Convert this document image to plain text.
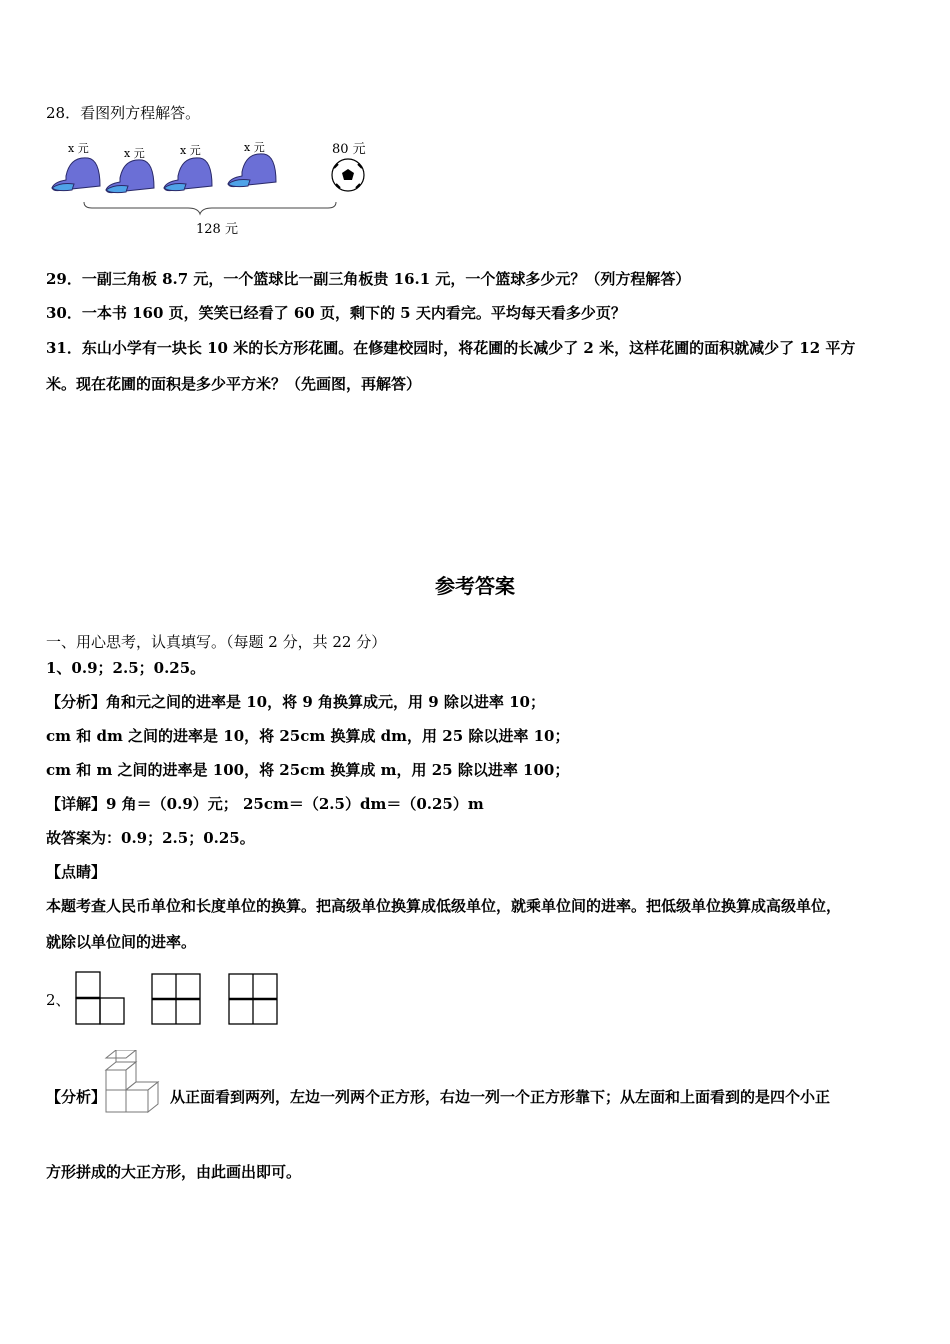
28．看图列方程解答。
x 元	x 元	x 元	x 元	80 元
128 元
29．一副三角板 8.7 元，一个篮球比一副三角板贵 16.1 元，一个篮球多少元？（列方程解答）
30．一本书 160 页，笑笑已经看了 60 页，剩下的 5 天内看完。平均每天看多少页？
31．东山小学有一块长 10 米的长方形花圃。在修建校园时，将花圃的长减少了 2 米，这样花圃的面积就减少了 12 平方
米。现在花圃的面积是多少平方米？（先画图，再解答）
参考答案
一、用心思考，认真填写。（每题 2 分，共 22 分）
1、0.9；2.5；0.25。
【分析】角和元之间的进率是 10，将 9 角换算成元，用 9 除以进率 10；
cm 和 dm 之间的进率是 10，将 25cm 换算成 dm，用 25 除以进率 10；
cm 和 m 之间的进率是 100，将 25cm 换算成 m，用 25 除以进率 100；
【详解】9 角＝（0.9）元； 25cm＝（2.5）dm＝（0.25）m
故答案为：0.9；2.5；0.25。
【点睛】
本题考查人民币单位和长度单位的换算。把高级单位换算成低级单位，就乘单位间的进率。把低级单位换算成高级单位，
就除以单位间的进率。
2、
【分析】	从正面看到两列，左边一列两个正方形，右边一列一个正方形靠下；从左面和上面看到的是四个小正
方形拼成的大正方形，由此画出即可。
